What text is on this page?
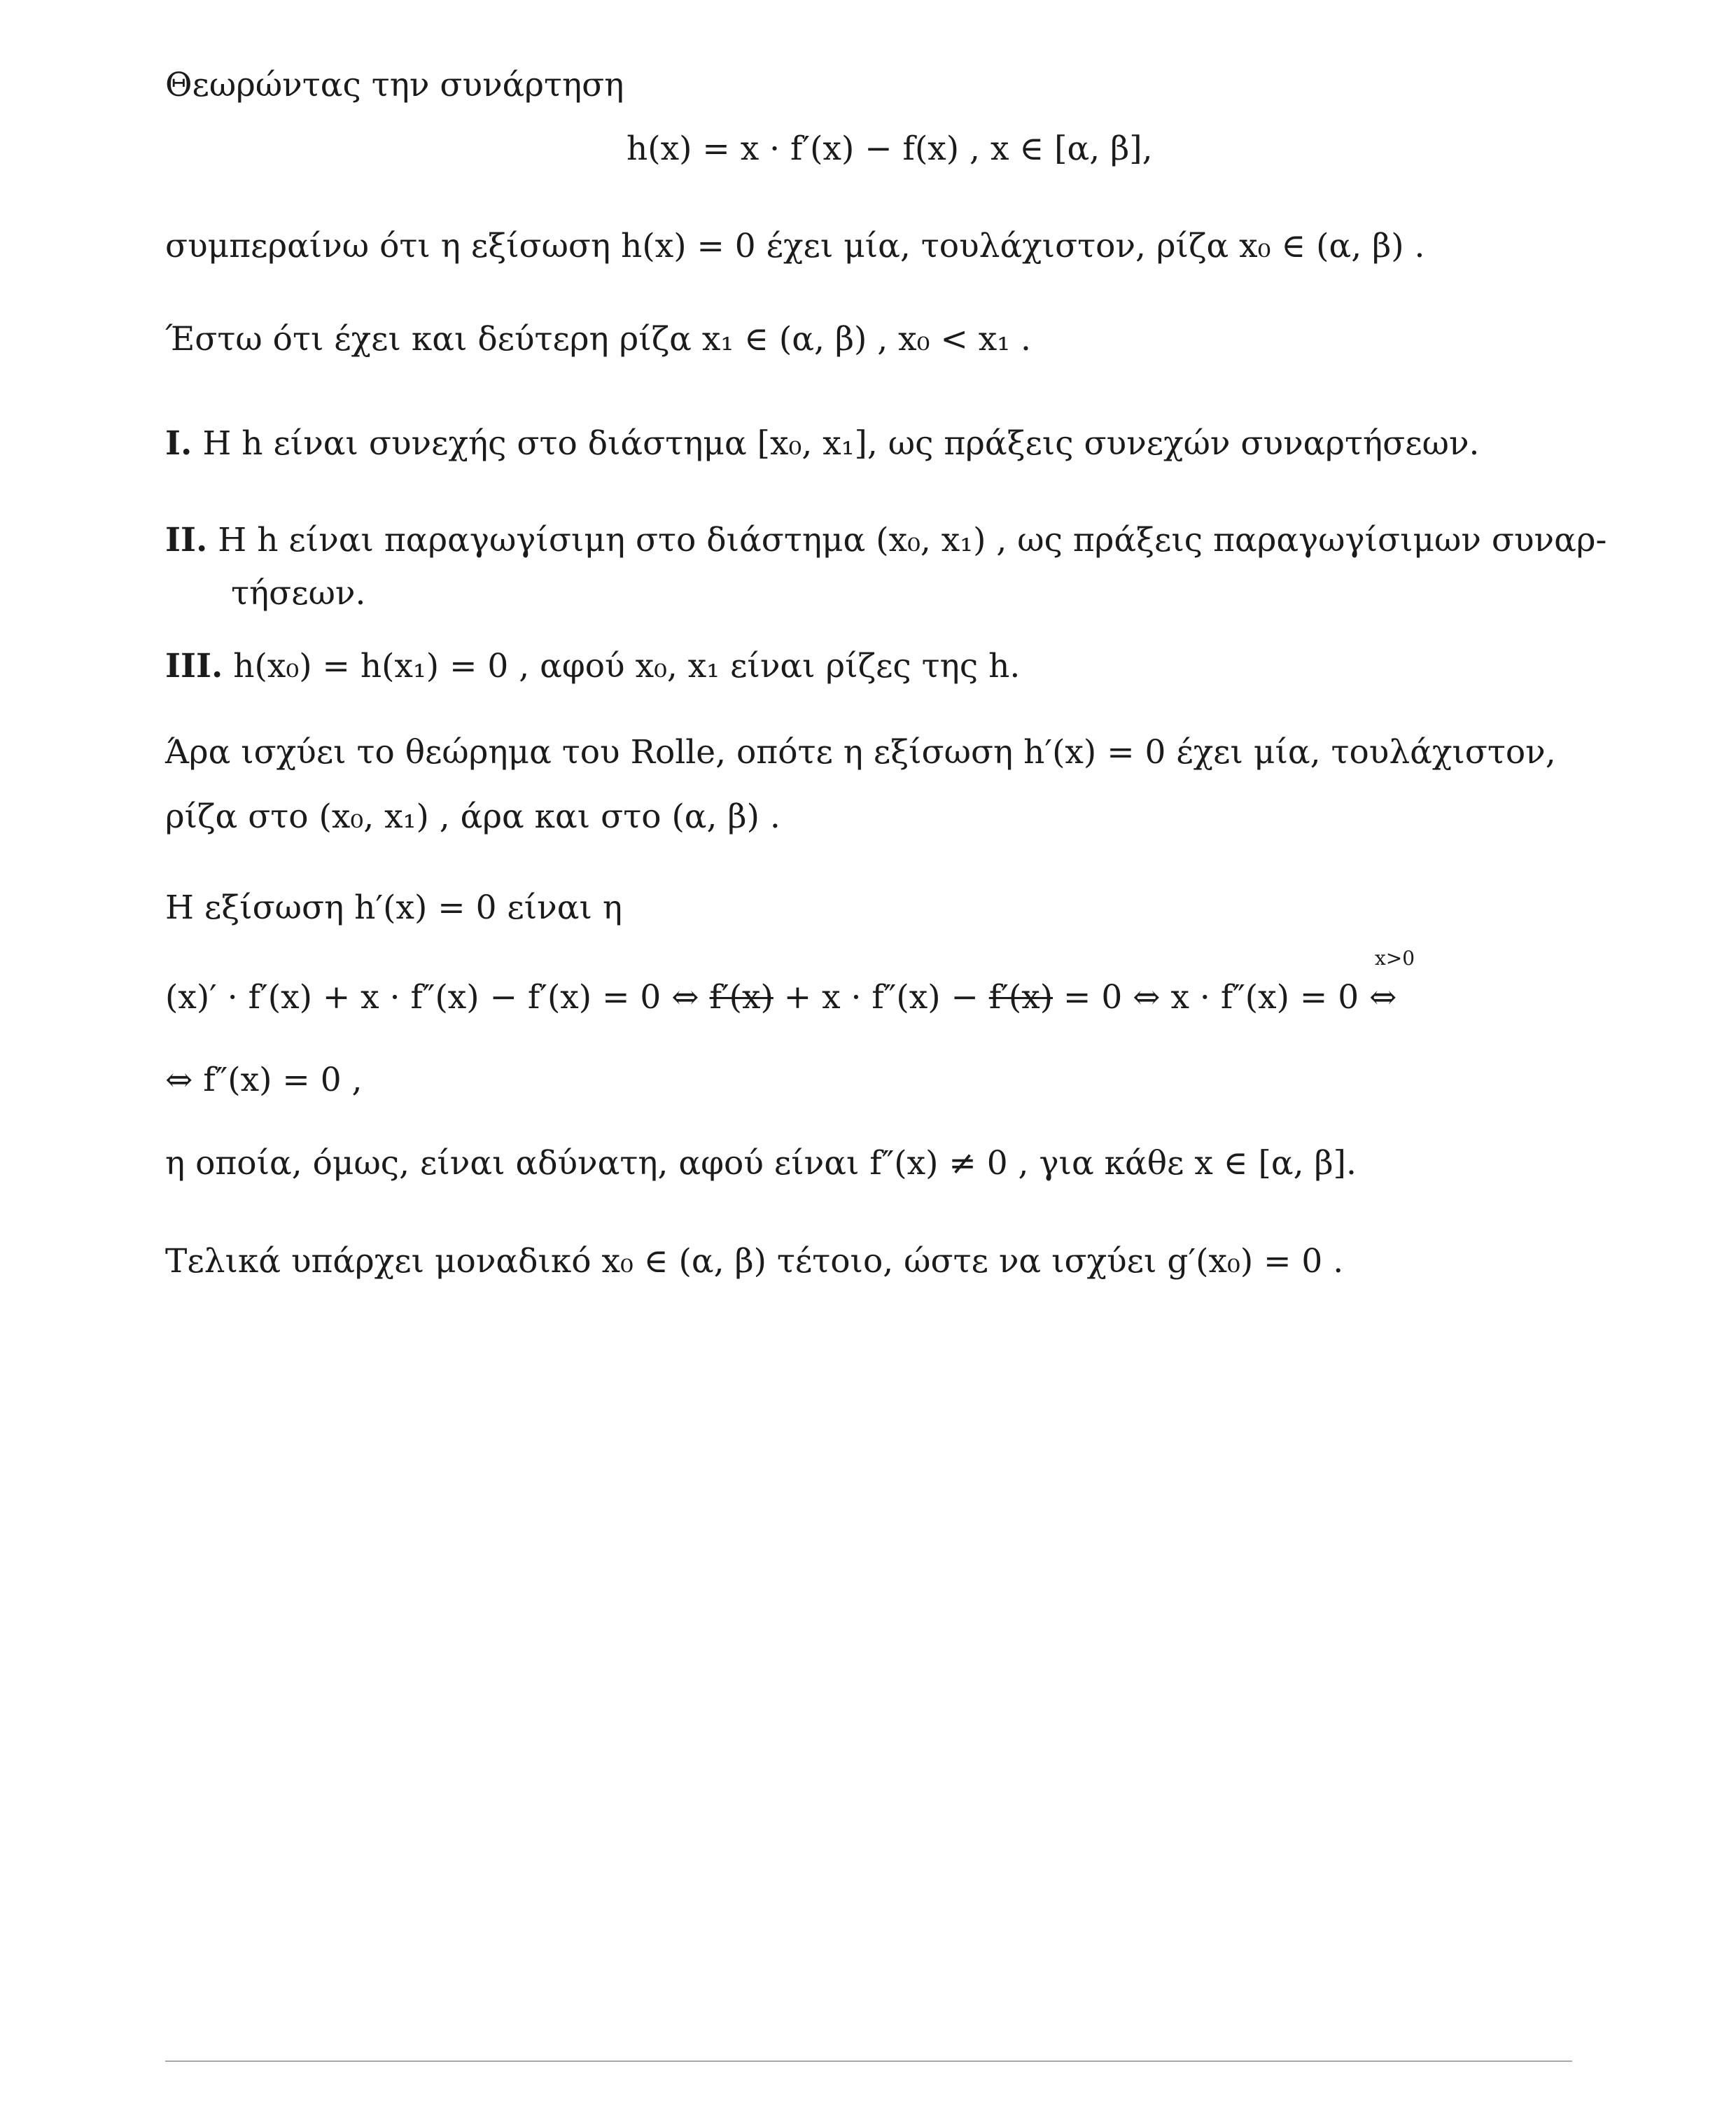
Θεωρώντας την συνάρτηση
h(x) = x · f′(x) − f(x) , x ∈ [α, β],
συμπεραίνω ότι η εξίσωση h(x) = 0 έχει μία, τουλάχιστον, ρίζα x₀ ∈ (α, β) .
Έστω ότι έχει και δεύτερη ρίζα x₁ ∈ (α, β) , x₀ < x₁ .
I. Η h είναι συνεχής στο διάστημα [x₀, x₁], ως πράξεις συνεχών συναρτήσεων.
II. Η h είναι παραγωγίσιμη στο διάστημα (x₀, x₁) , ως πράξεις παραγωγίσιμων συναρ-
τήσεων.
III. h(x₀) = h(x₁) = 0 , αφού x₀, x₁ είναι ρίζες της h.
Άρα ισχύει το θεώρημα του Rolle, οπότε η εξίσωση h′(x) = 0 έχει μία, τουλάχιστον,
ρίζα στο (x₀, x₁) , άρα και στο (α, β) .
Η εξίσωση h′(x) = 0 είναι η
x>0
(x)′ · f′(x) + x · f″(x) − f′(x) = 0 ⇔ f′(x) + x · f″(x) − f′(x) = 0 ⇔ x · f″(x) = 0 ⇔
⇔ f″(x) = 0 ,
η οποία, όμως, είναι αδύνατη, αφού είναι f″(x) ≠ 0 , για κάθε x ∈ [α, β].
Τελικά υπάρχει μοναδικό x₀ ∈ (α, β) τέτοιο, ώστε να ισχύει g′(x₀) = 0 .
